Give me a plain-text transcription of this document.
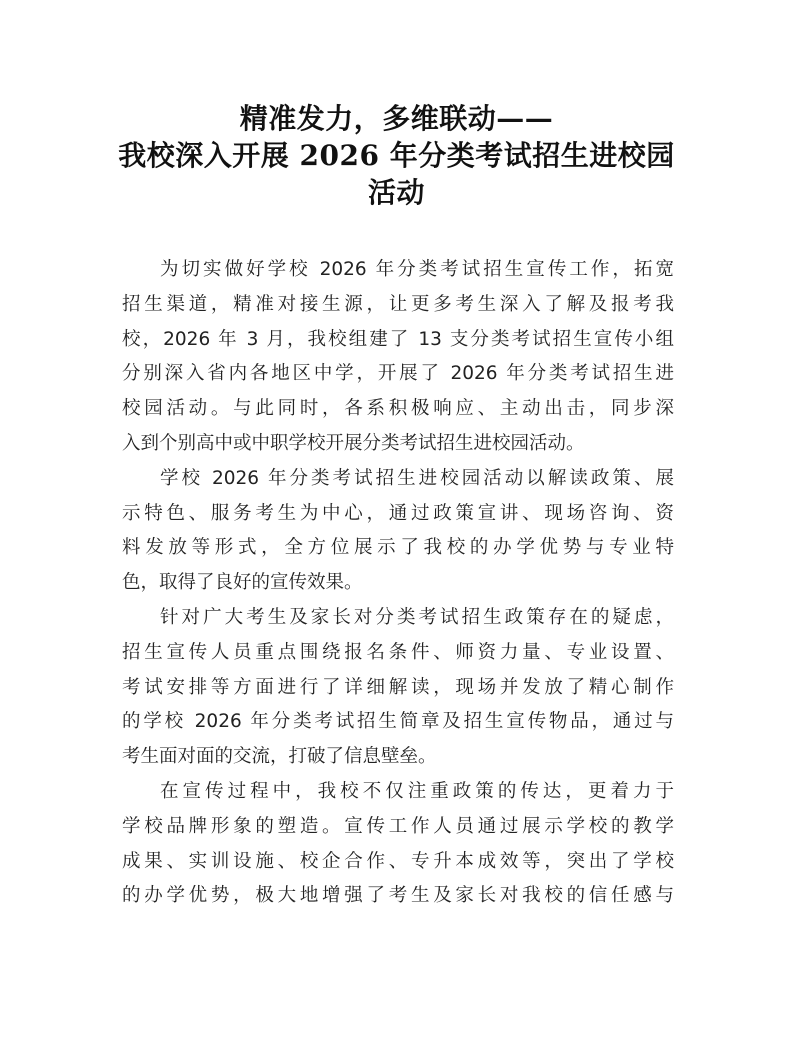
精准发力，多维联动——
我校深入开展 2026 年分类考试招生进校园
活动
为切实做好学校 2026 年分类考试招生宣传工作，拓宽
招生渠道，精准对接生源，让更多考生深入了解及报考我
校，2026 年 3 月，我校组建了 13 支分类考试招生宣传小组
分别深入省内各地区中学，开展了 2026 年分类考试招生进
校园活动。与此同时，各系积极响应、主动出击，同步深
入到个别高中或中职学校开展分类考试招生进校园活动。
学校 2026 年分类考试招生进校园活动以解读政策、展
示特色、服务考生为中心，通过政策宣讲、现场咨询、资
料发放等形式，全方位展示了我校的办学优势与专业特
色，取得了良好的宣传效果。
针对广大考生及家长对分类考试招生政策存在的疑虑，
招生宣传人员重点围绕报名条件、师资力量、专业设置、
考试安排等方面进行了详细解读，现场并发放了精心制作
的学校 2026 年分类考试招生简章及招生宣传物品，通过与
考生面对面的交流，打破了信息壁垒。
在宣传过程中，我校不仅注重政策的传达，更着力于
学校品牌形象的塑造。宣传工作人员通过展示学校的教学
成果、实训设施、校企合作、专升本成效等，突出了学校
的办学优势，极大地增强了考生及家长对我校的信任感与
